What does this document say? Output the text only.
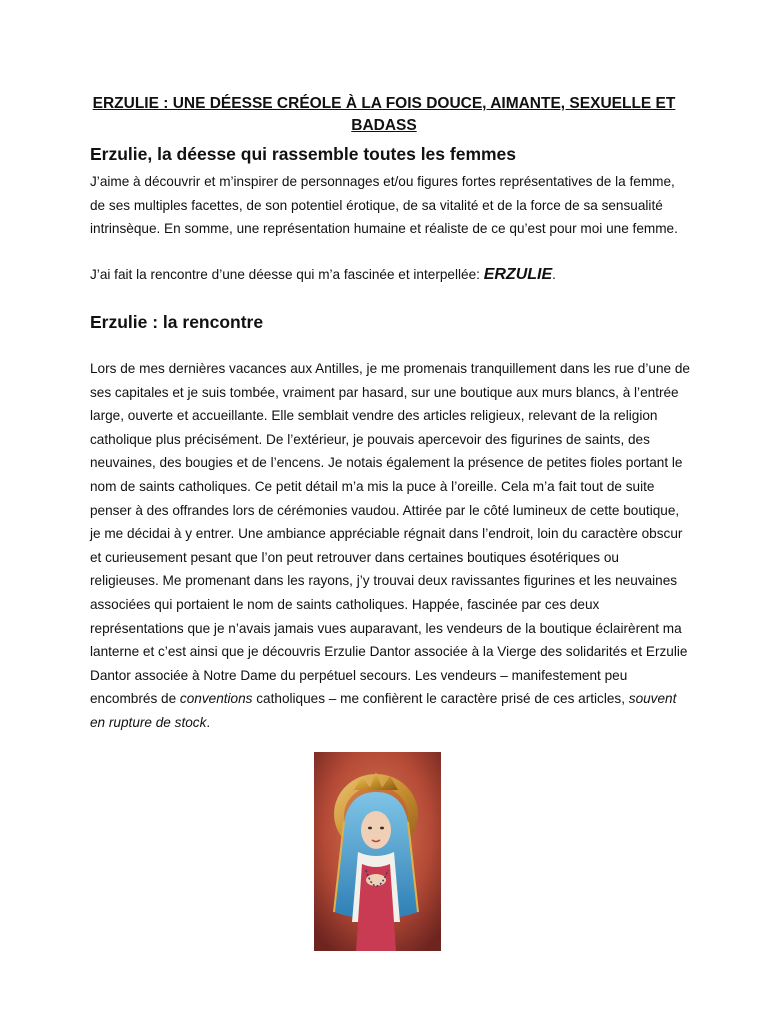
ERZULIE : UNE DÉESSE CRÉOLE À LA FOIS DOUCE, AIMANTE, SEXUELLE ET BADASS
Erzulie, la déesse qui rassemble toutes les femmes

J’aime à découvrir et m’inspirer de personnages et/ou figures fortes représentatives de la femme, de ses multiples facettes, de son potentiel érotique, de sa vitalité et de la force de sa sensualité intrinsèque. En somme, une représentation humaine et réaliste de ce qu’est pour moi une femme.

J’ai fait la rencontre d’une déesse qui m’a fascinée et interpellée: ERZULIE.

Erzulie : la rencontre

Lors de mes dernières vacances aux Antilles, je me promenais tranquillement dans les rue d’une de ses capitales et je suis tombée, vraiment par hasard, sur une boutique aux murs blancs, à l’entrée large, ouverte et accueillante. Elle semblait vendre des articles religieux, relevant de la religion catholique plus précisément. De l’extérieur, je pouvais apercevoir des figurines de saints, des neuvaines, des bougies et de l’encens. Je notais également la présence de petites fioles portant le nom de saints catholiques. Ce petit détail m’a mis la puce à l’oreille. Cela m’a fait tout de suite penser à des offrandes lors de cérémonies vaudou. Attirée par le côté lumineux de cette boutique, je me décidai à y entrer. Une ambiance appréciable régnait dans l’endroit, loin du caractère obscur et curieusement pesant que l’on peut retrouver dans certaines boutiques ésotériques ou religieuses. Me promenant dans les rayons, j’y trouvai deux ravissantes figurines et les neuvaines associées qui portaient le nom de saints catholiques. Happée, fascinée par ces deux représentations que je n’avais jamais vues auparavant, les vendeurs de la boutique éclairèrent ma lanterne et c’est ainsi que je découvris Erzulie Dantor associée à la Vierge des solidarités et Erzulie Dantor associée à Notre Dame du perpétuel secours. Les vendeurs – manifestement peu encombrés de conventions catholiques – me confièrent le caractère prisé de ces articles, souvent en rupture de stock.
